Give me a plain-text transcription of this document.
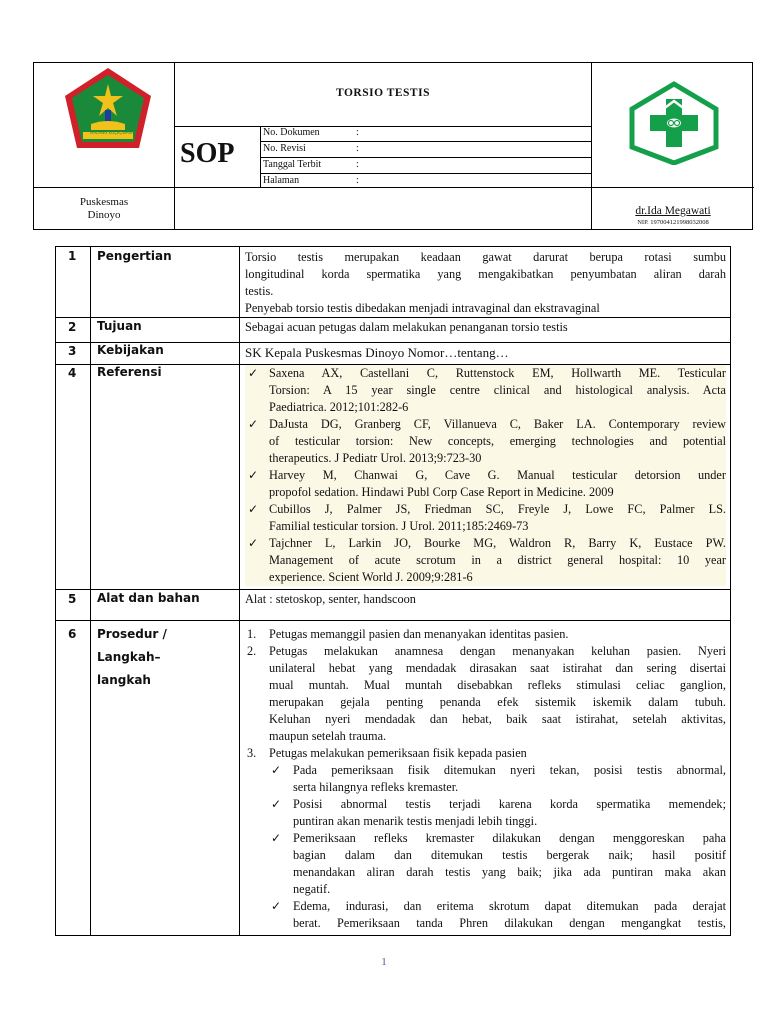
MALANG KUÇEÇWARA
TORSIO TESTIS
SOP
No. Dokumen	:
No. Revisi	:
Tanggal Terbit	:
Halaman	:
Puskesmas
Dinoyo	dr.Ida Megawati
NIP. 197004121998032008
1 Pengertian	Torsio testis merupakan keadaan gawat darurat berupa rotasi sumbu
longitudinal korda spermatika yang mengakibatkan penyumbatan aliran darah
testis.
Penyebab torsio testis dibedakan menjadi intravaginal dan ekstravaginal
2 Tujuan	Sebagai acuan petugas dalam melakukan penanganan torsio testis
3 Kebijakan	SK Kepala Puskesmas Dinoyo Nomor…tentang…
4 Referensi	✓ Saxena AX, Castellani C, Ruttenstock EM, Hollwarth ME. Testicular
Torsion: A 15 year single centre clinical and histological analysis. Acta
Paediatrica. 2012;101:282-6
✓ DaJusta DG, Granberg CF, Villanueva C, Baker LA. Contemporary review
of testicular torsion: New concepts, emerging technologies and potential
therapeutics. J Pediatr Urol. 2013;9:723-30
✓ Harvey M, Chanwai G, Cave G. Manual testicular detorsion under
propofol sedation. Hindawi Publ Corp Case Report in Medicine. 2009
✓ Cubillos J, Palmer JS, Friedman SC, Freyle J, Lowe FC, Palmer LS.
Familial testicular torsion. J Urol. 2011;185:2469-73
✓ Tajchner L, Larkin JO, Bourke MG, Waldron R, Barry K, Eustace PW.
Management of acute scrotum in a district general hospital: 10 year
experience. Scient World J. 2009;9:281-6
5 Alat dan bahan	Alat : stetoskop, senter, handscoon
6 Prosedur /
Langkah–
langkah
1. Petugas memanggil pasien dan menanyakan identitas pasien.
2. Petugas melakukan anamnesa dengan menanyakan keluhan pasien. Nyeri
unilateral hebat yang mendadak dirasakan saat istirahat dan sering disertai
mual muntah. Mual muntah disebabkan refleks stimulasi celiac ganglion,
merupakan gejala penting penanda efek sistemik iskemik dalam tubuh.
Keluhan nyeri mendadak dan hebat, baik saat istirahat, setelah aktivitas,
maupun setelah trauma.
3. Petugas melakukan pemeriksaan fisik kepada pasien
✓ Pada pemeriksaan fisik ditemukan nyeri tekan, posisi testis abnormal,
serta hilangnya refleks kremaster.
✓ Posisi abnormal testis terjadi karena korda spermatika memendek;
puntiran akan menarik testis menjadi lebih tinggi.
✓ Pemeriksaan refleks kremaster dilakukan dengan menggoreskan paha
bagian dalam dan ditemukan testis bergerak naik; hasil positif
menandakan aliran darah testis yang baik; jika ada puntiran maka akan
negatif.
✓ Edema, indurasi, dan eritema skrotum dapat ditemukan pada derajat
berat. Pemeriksaan tanda Phren dilakukan dengan mengangkat testis,
1
